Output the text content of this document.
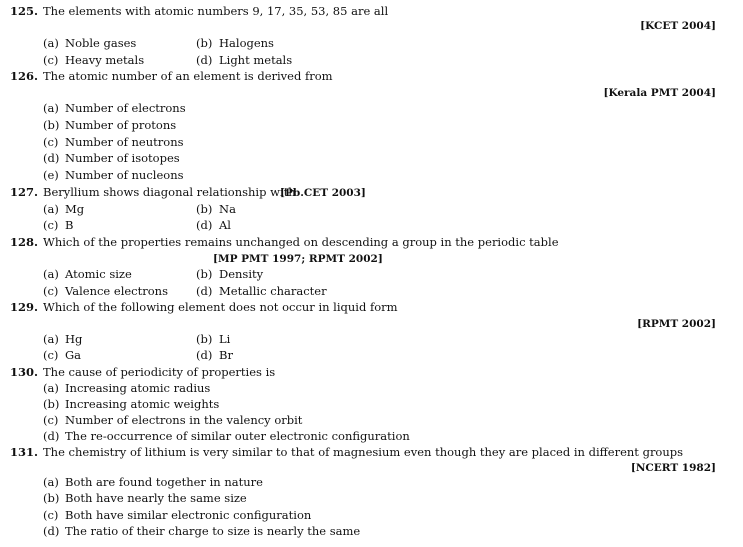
125. The elements with atomic numbers 9, 17, 35, 53, 85 are all
[KCET 2004]
(a) Noble gases	(b) Halogens
(c) Heavy metals	(d) Light metals
126. The atomic number of an element is derived from
[Kerala PMT 2004]
(a) Number of electrons
(b) Number of protons
(c) Number of neutrons
(d) Number of isotopes
(e) Number of nucleons
127. Beryllium shows diagonal relationship with
[Pb.CET 2003]
(a) Mg	(b) Na
(c) B	(d) Al
128. Which of the properties remains unchanged on descending a group in the periodic table
[MP PMT 1997; RPMT 2002]
(a) Atomic size	(b) Density
(c) Valence electrons (d) Metallic character
129. Which of the following element does not occur in liquid form
[RPMT 2002]
(a) Hg	(b) Li
(c) Ga	(d) Br
130. The cause of periodicity of properties is
(a) Increasing atomic radius
(b) Increasing atomic weights
(c) Number of electrons in the valency orbit
(d) The re-occurrence of similar outer electronic configuration
131. The chemistry of lithium is very similar to that of magnesium even though they are placed in different groups
[NCERT 1982]
(a) Both are found together in nature
(b) Both have nearly the same size
(c) Both have similar electronic configuration
(d) The ratio of their charge to size is nearly the same
